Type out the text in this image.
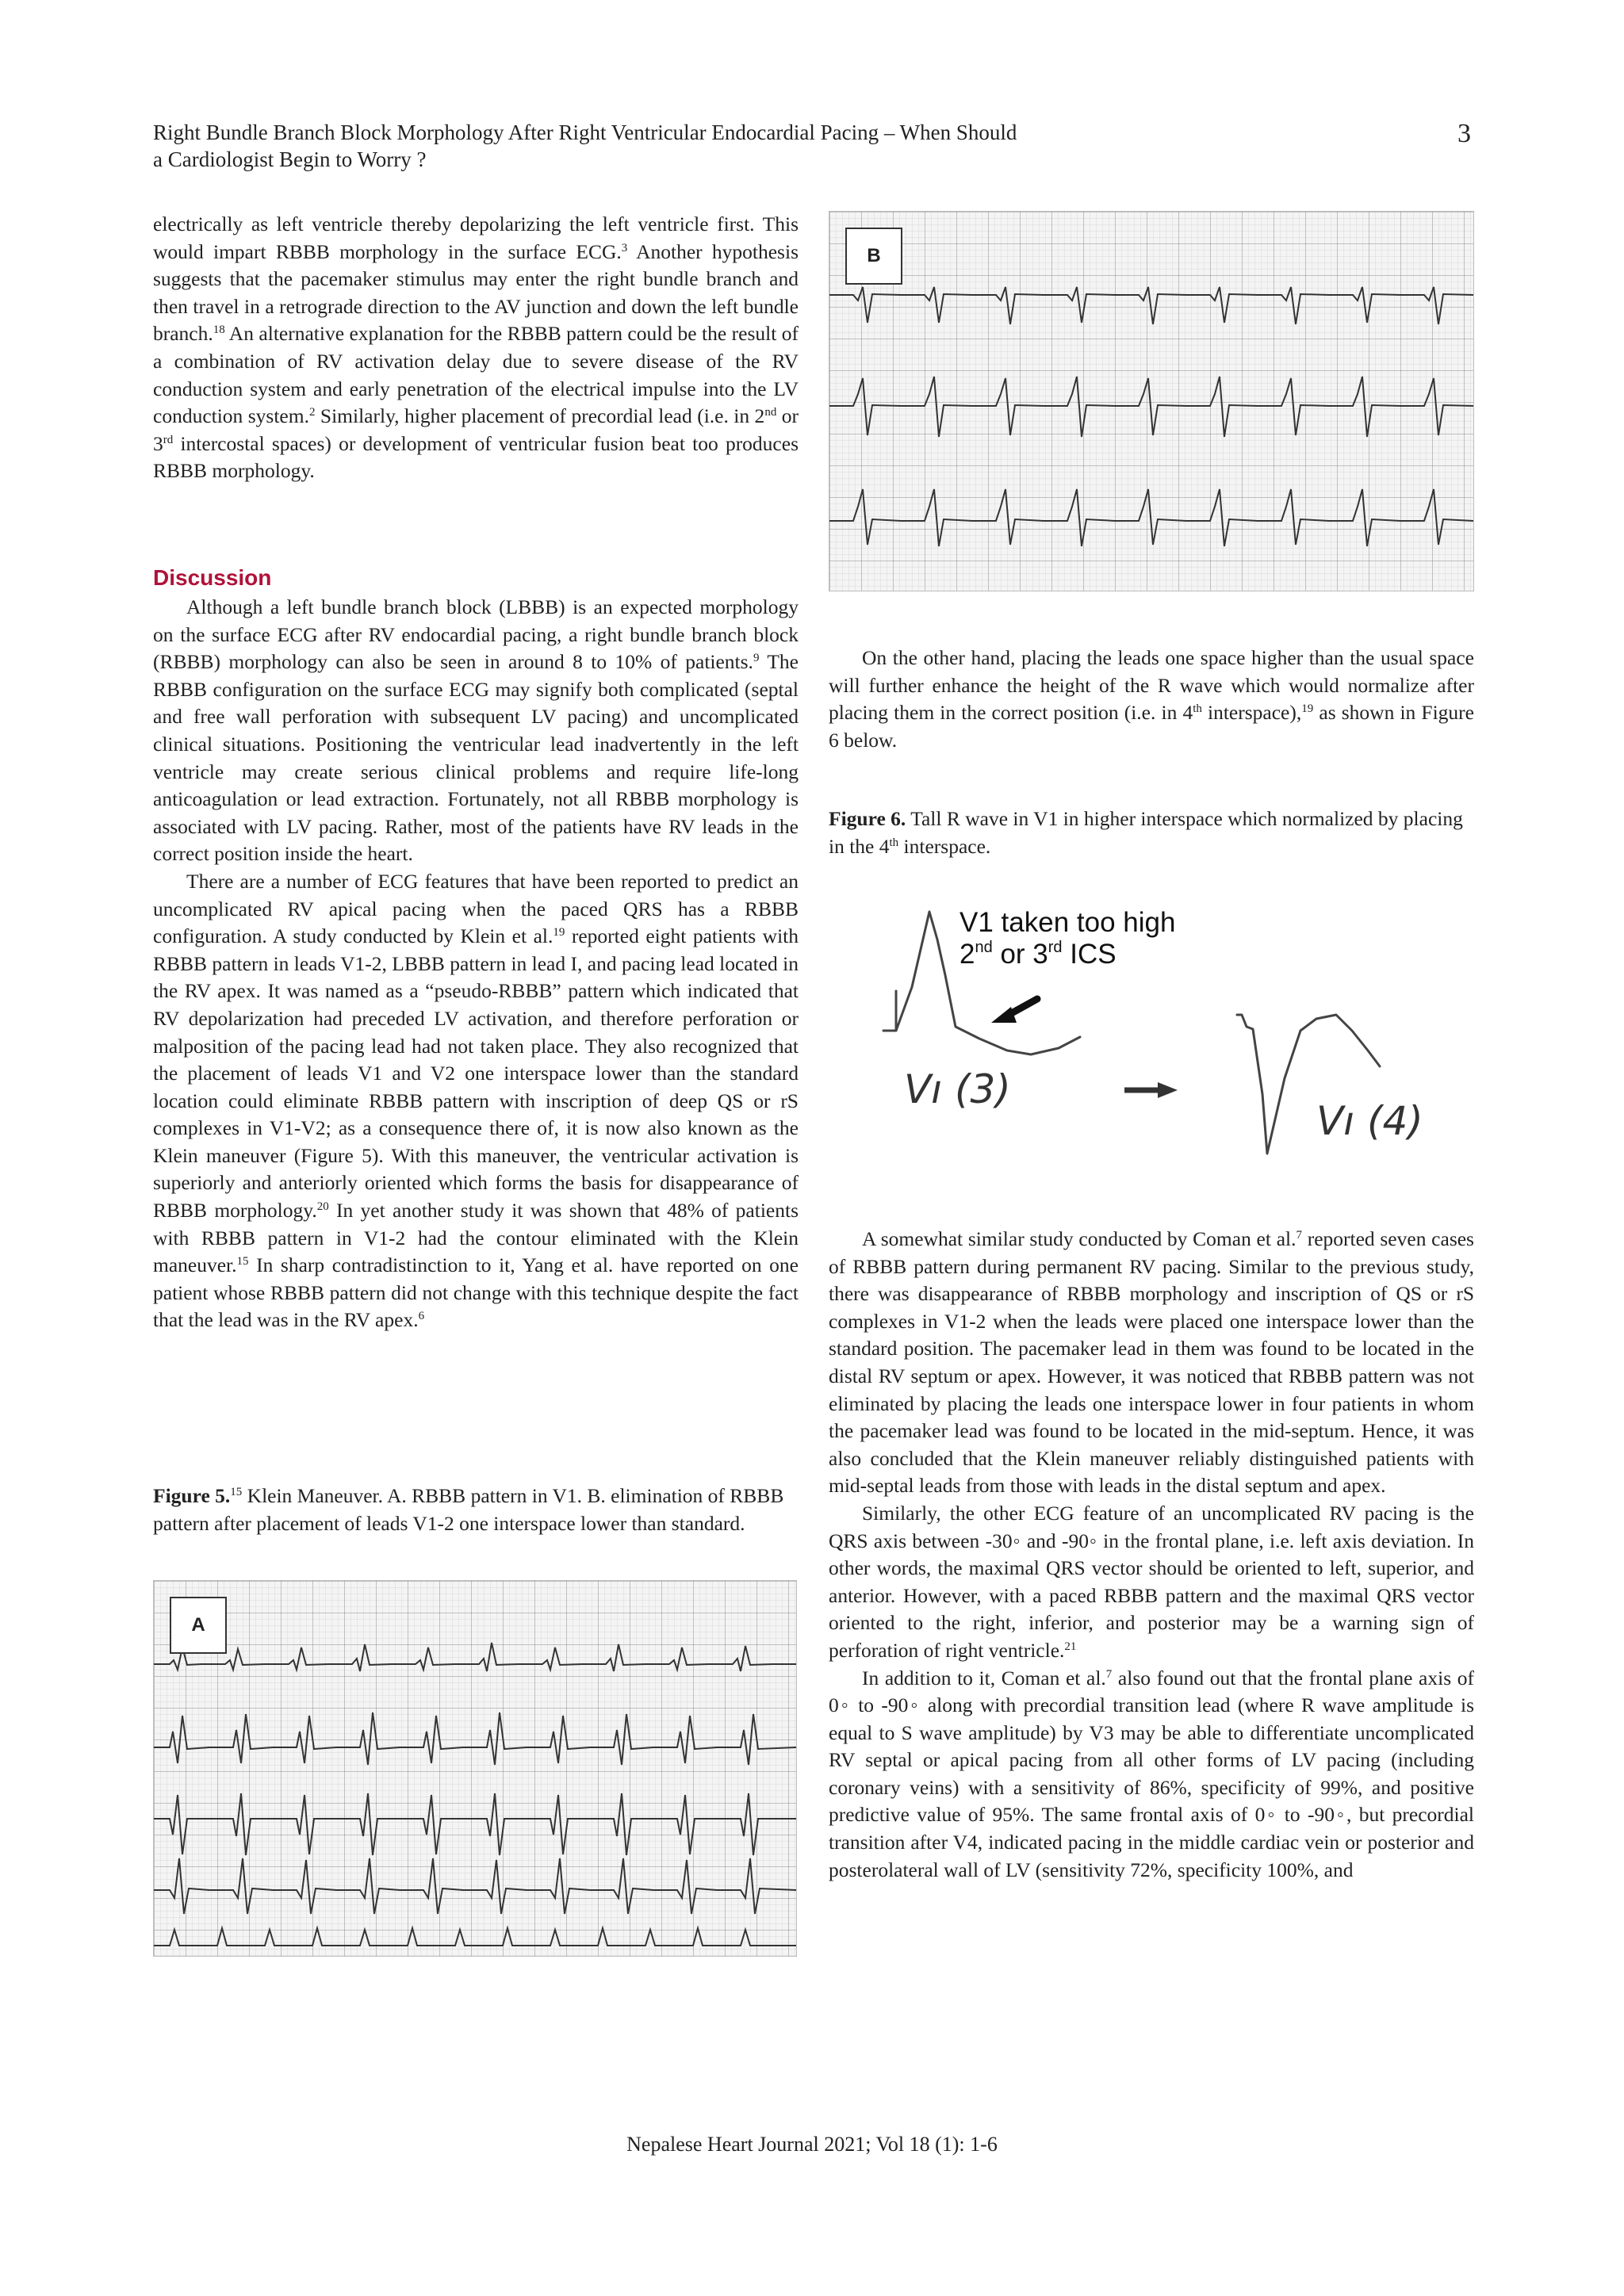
Right Bundle Branch Block Morphology After Right Ventricular Endocardial Pacing – When Should
a Cardiologist Begin to Worry ?
3

electrically as left ventricle thereby depolarizing the left ventricle first. This would impart RBBB morphology in the surface ECG.$^3$ Another hypothesis suggests that the pacemaker stimulus may enter the right bundle branch and then travel in a retrograde direction to the AV junction and down the left bundle branch.$^{18}$ An alternative explanation for the RBBB pattern could be the result of a combination of RV activation delay due to severe disease of the RV conduction system and early penetration of the electrical impulse into the LV conduction system.$^2$ Similarly, higher placement of precordial lead (i.e. in 2nd or 3rd intercostal spaces) or development of ventricular fusion beat too produces RBBB morphology.

Discussion

Although a left bundle branch block (LBBB) is an expected morphology on the surface ECG after RV endocardial pacing, a right bundle branch block (RBBB) morphology can also be seen in around 8 to 10% of patients.$^9$ The RBBB configuration on the surface ECG may signify both complicated (septal and free wall perforation with subsequent LV pacing) and uncomplicated clinical situations. Positioning the ventricular lead inadvertently in the left ventricle may create serious clinical problems and require life-long anticoagulation or lead extraction. Fortunately, not all RBBB morphology is associated with LV pacing. Rather, most of the patients have RV leads in the correct position inside the heart.

There are a number of ECG features that have been reported to predict an uncomplicated RV apical pacing when the paced QRS has a RBBB configuration. A study conducted by Klein et al.$^{19}$ reported eight patients with RBBB pattern in leads V1-2, LBBB pattern in lead I, and pacing lead located in the RV apex. It was named as a “pseudo-RBBB” pattern which indicated that RV depolarization had preceded LV activation, and therefore perforation or malposition of the pacing lead had not taken place. They also recognized that the placement of leads V1 and V2 one interspace lower than the standard location could eliminate RBBB pattern with inscription of deep QS or rS complexes in V1-V2; as a consequence there of, it is now also known as the Klein maneuver (Figure 5). With this maneuver, the ventricular activation is superiorly and anteriorly oriented which forms the basis for disappearance of RBBB morphology.$^{20}$ In yet another study it was shown that 48% of patients with RBBB pattern in V1-2 had the contour eliminated with the Klein maneuver.$^{15}$ In sharp contradistinction to it, Yang et al. have reported on one patient whose RBBB pattern did not change with this technique despite the fact that the lead was in the RV apex.$^6$

Figure 5.15 Klein Maneuver. A. RBBB pattern in V1. B. elimination of RBBB pattern after placement of leads V1-2 one interspace lower than standard.
A
B

On the other hand, placing the leads one space higher than the usual space will further enhance the height of the R wave which would normalize after placing them in the correct position (i.e. in 4th interspace),$^{19}$ as shown in Figure 6 below.

Figure 6. Tall R wave in V1 in higher interspace which normalized by placing in the 4th interspace.
V1 taken too high
2nd or 3rd ICS
Vı (3)
Vı (4)

A somewhat similar study conducted by Coman et al.$^7$ reported seven cases of RBBB pattern during permanent RV pacing. Similar to the previous study, there was disappearance of RBBB morphology and inscription of QS or rS complexes in V1-2 when the leads were placed one interspace lower than the standard position. The pacemaker lead in them was found to be located in the distal RV septum or apex. However, it was noticed that RBBB pattern was not eliminated by placing the leads one interspace lower in four patients in whom the pacemaker lead was found to be located in the mid-septum. Hence, it was also concluded that the Klein maneuver reliably distinguished patients with mid-septal leads from those with leads in the distal septum and apex.

Similarly, the other ECG feature of an uncomplicated RV pacing is the QRS axis between -30◦ and -90◦ in the frontal plane, i.e. left axis deviation. In other words, the maximal QRS vector should be oriented to left, superior, and anterior. However, with a paced RBBB pattern and the maximal QRS vector oriented to the right, inferior, and posterior may be a warning sign of perforation of right ventricle.$^{21}$

In addition to it, Coman et al.$^7$ also found out that the frontal plane axis of 0◦ to -90◦ along with precordial transition lead (where R wave amplitude is equal to S wave amplitude) by V3 may be able to differentiate uncomplicated RV septal or apical pacing from all other forms of LV pacing (including coronary veins) with a sensitivity of 86%, specificity of 99%, and positive predictive value of 95%. The same frontal axis of 0◦ to -90◦, but precordial transition after V4, indicated pacing in the middle cardiac vein or posterior and posterolateral wall of LV (sensitivity 72%, specificity 100%, and

Nepalese Heart Journal 2021; Vol 18 (1): 1-6
